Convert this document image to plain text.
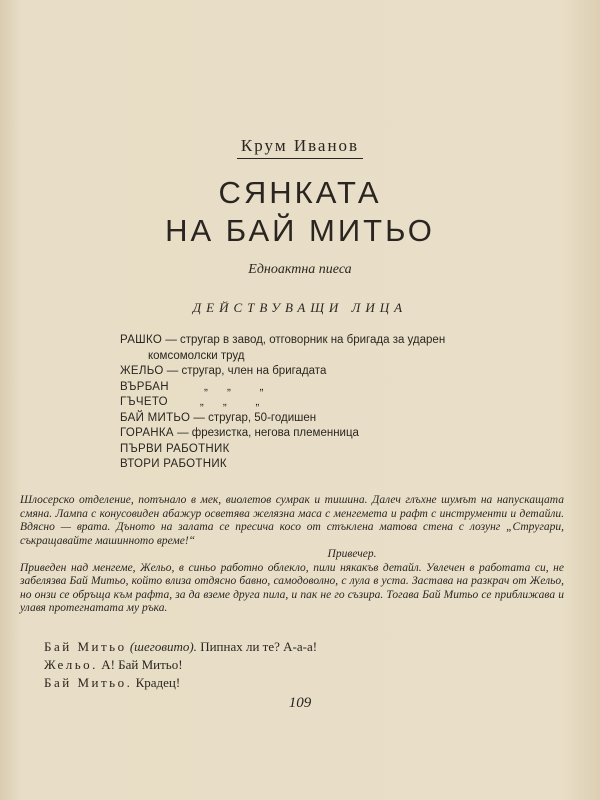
Крум Иванов
СЯНКАТА
НА БАЙ МИТЬО
Едноактна пиеса
ДЕЙСТВУВАЩИ ЛИЦА
РАШКО — стругар в завод, отговорник на бригада за ударен
комсомолски труд
ЖЕЛЬО — стругар, член на бригадата
ВЪРБАН           „      „         „
ГЪЧЕТО          „      „         „
БАЙ МИТЬО — стругар, 50-годишен
ГОРАНКА — фрезистка, негова племенница
ПЪРВИ РАБОТНИК
ВТОРИ РАБОТНИК

Шлосерско отделение, потънало в мек, виолетов сумрак и тишина. Далеч глъхне шумът на напускащата смяна. Лампа с конусовиден абажур осветява желязна маса с менгемета и рафт с инструменти и детайли. Вдясно — врата. Дъното на залата се пресича косо от стъклена матова стена с лозунг „Стругари, съкращавайте машинното време!“

Привечер.

Приведен над менгеме, Жельо, в синьо работно облекло, пили някакъв детайл. Увлечен в работата си, не забелязва Бай Митьо, който влиза отдясно бавно, самодоволно, с лула в уста. Застава на разкрач от Жельо, но онзи се обръща към рафта, за да вземе друга пила, и пак не го съзира. Тогава Бай Митьо се приближава и улавя протегнатата му ръка.

Бай Митьо (шеговито). Пипнах ли те? А-а-а!
Жельо. А! Бай Митьо!
Бай Митьо. Крадец!
109
